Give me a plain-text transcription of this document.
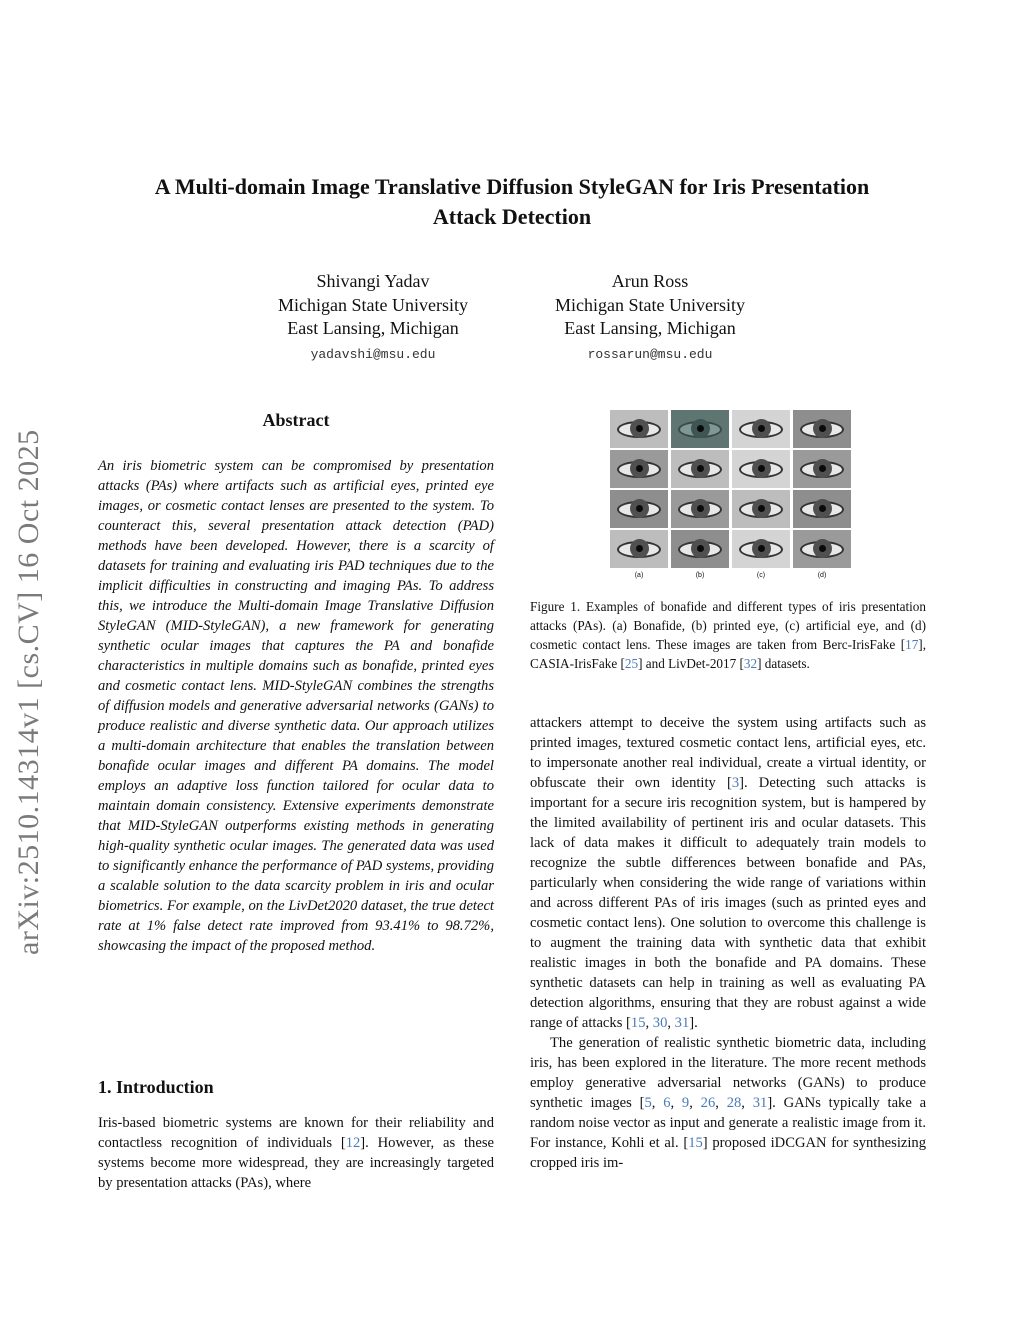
arXiv:2510.14314v1 [cs.CV] 16 Oct 2025
A Multi-domain Image Translative Diffusion StyleGAN for Iris Presentation
Attack Detection
Shivangi Yadav
Michigan State University
East Lansing, Michigan
yadavshi@msu.edu
Arun Ross
Michigan State University
East Lansing, Michigan
rossarun@msu.edu
Abstract

An iris biometric system can be compromised by presentation attacks (PAs) where artifacts such as artificial eyes, printed eye images, or cosmetic contact lenses are presented to the system. To counteract this, several presentation attack detection (PAD) methods have been developed. However, there is a scarcity of datasets for training and evaluating iris PAD techniques due to the implicit difficulties in constructing and imaging PAs. To address this, we introduce the Multi-domain Image Translative Diffusion StyleGAN (MID-StyleGAN), a new framework for generating synthetic ocular images that captures the PA and bonafide characteristics in multiple domains such as bonafide, printed eyes and cosmetic contact lens. MID-StyleGAN combines the strengths of diffusion models and generative adversarial networks (GANs) to produce realistic and diverse synthetic data. Our approach utilizes a multi-domain architecture that enables the translation between bonafide ocular images and different PA domains. The model employs an adaptive loss function tailored for ocular data to maintain domain consistency. Extensive experiments demonstrate that MID-StyleGAN outperforms existing methods in generating high-quality synthetic ocular images. The generated data was used to significantly enhance the performance of PAD systems, providing a scalable solution to the data scarcity problem in iris and ocular biometrics. For example, on the LivDet2020 dataset, the true detect rate at 1% false detect rate improved from 93.41% to 98.72%, showcasing the impact of the proposed method.

1. Introduction

Iris-based biometric systems are known for their reliability and contactless recognition of individuals [12]. However, as these systems become more widespread, they are increasingly targeted by presentation attacks (PAs), where

(a)	(b)	(c)	(d)

Figure 1. Examples of bonafide and different types of iris presentation attacks (PAs). (a) Bonafide, (b) printed eye, (c) artificial eye, and (d) cosmetic contact lens. These images are taken from Berc-IrisFake [17], CASIA-IrisFake [25] and LivDet-2017 [32] datasets.

attackers attempt to deceive the system using artifacts such as printed images, textured cosmetic contact lens, artificial eyes, etc. to impersonate another real individual, create a virtual identity, or obfuscate their own identity [3]. Detecting such attacks is important for a secure iris recognition system, but is hampered by the limited availability of pertinent iris and ocular datasets. This lack of data makes it difficult to adequately train models to recognize the subtle differences between bonafide and PAs, particularly when considering the wide range of variations within and across different PAs of iris images (such as printed eyes and cosmetic contact lens). One solution to overcome this challenge is to augment the training data with synthetic data that exhibit realistic images in both the bonafide and PA domains. These synthetic datasets can help in training as well as evaluating PA detection algorithms, ensuring that they are robust against a wide range of attacks [15, 30, 31].

The generation of realistic synthetic biometric data, including iris, has been explored in the literature. The more recent methods employ generative adversarial networks (GANs) to produce synthetic images [5, 6, 9, 26, 28, 31]. GANs typically take a random noise vector as input and generate a realistic image from it. For instance, Kohli et al. [15] proposed iDCGAN for synthesizing cropped iris im-
